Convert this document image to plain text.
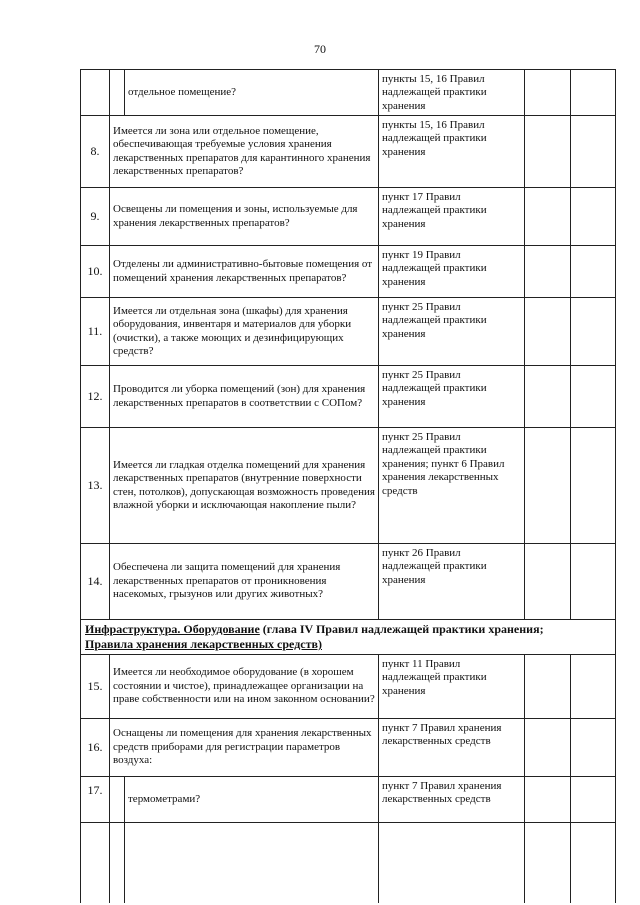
70
		отдельное помещение?	пункты 15, 16 Правил надлежащей практики хранения		
8.	Имеется ли зона или отдельное помещение, обеспечивающая требуемые условия хранения лекарственных препаратов для карантинного хранения лекарственных препаратов?		пункты 15, 16 Правил надлежащей практики хранения		
9.	Освещены ли помещения и зоны, используемые для хранения лекарственных препаратов?		пункт 17 Правил надлежащей практики хранения		
10.	Отделены ли административно-бытовые помещения от помещений хранения лекарственных препаратов?		пункт 19 Правил надлежащей практики хранения		
11.	Имеется ли отдельная зона (шкафы) для хранения оборудования, инвентаря и материалов для уборки (очистки), а также моющих и дезинфицирующих средств?		пункт 25 Правил надлежащей практики хранения		
12.	Проводится ли уборка помещений (зон) для хранения лекарственных препаратов в соответствии с СОПом?		пункт 25 Правил надлежащей практики хранения		
13.	Имеется ли гладкая отделка помещений для хранения лекарственных препаратов (внутренние поверхности стен, потолков), допускающая возможность проведения влажной уборки и исключающая накопление пыли?		пункт 25 Правил надлежащей практики хранения; пункт 6 Правил хранения лекарственных средств		
14.	Обеспечена ли защита помещений для хранения лекарственных препаратов от проникновения насекомых, грызунов или других животных?		пункт 26 Правил надлежащей практики хранения		
Инфраструктура. Оборудование (глава IV Правил надлежащей практики хранения;
Правила хранения лекарственных средств)					
15.	Имеется ли необходимое оборудование (в хорошем состоянии и чистое), принадлежащее организации на праве собственности или на ином законном основании?		пункт 11 Правил надлежащей практики хранения		
16.	Оснащены ли помещения для хранения лекарственных средств приборами для регистрации параметров воздуха:		пункт 7 Правил хранения лекарственных средств		
17.		термометрами?	пункт 7 Правил хранения лекарственных средств		
